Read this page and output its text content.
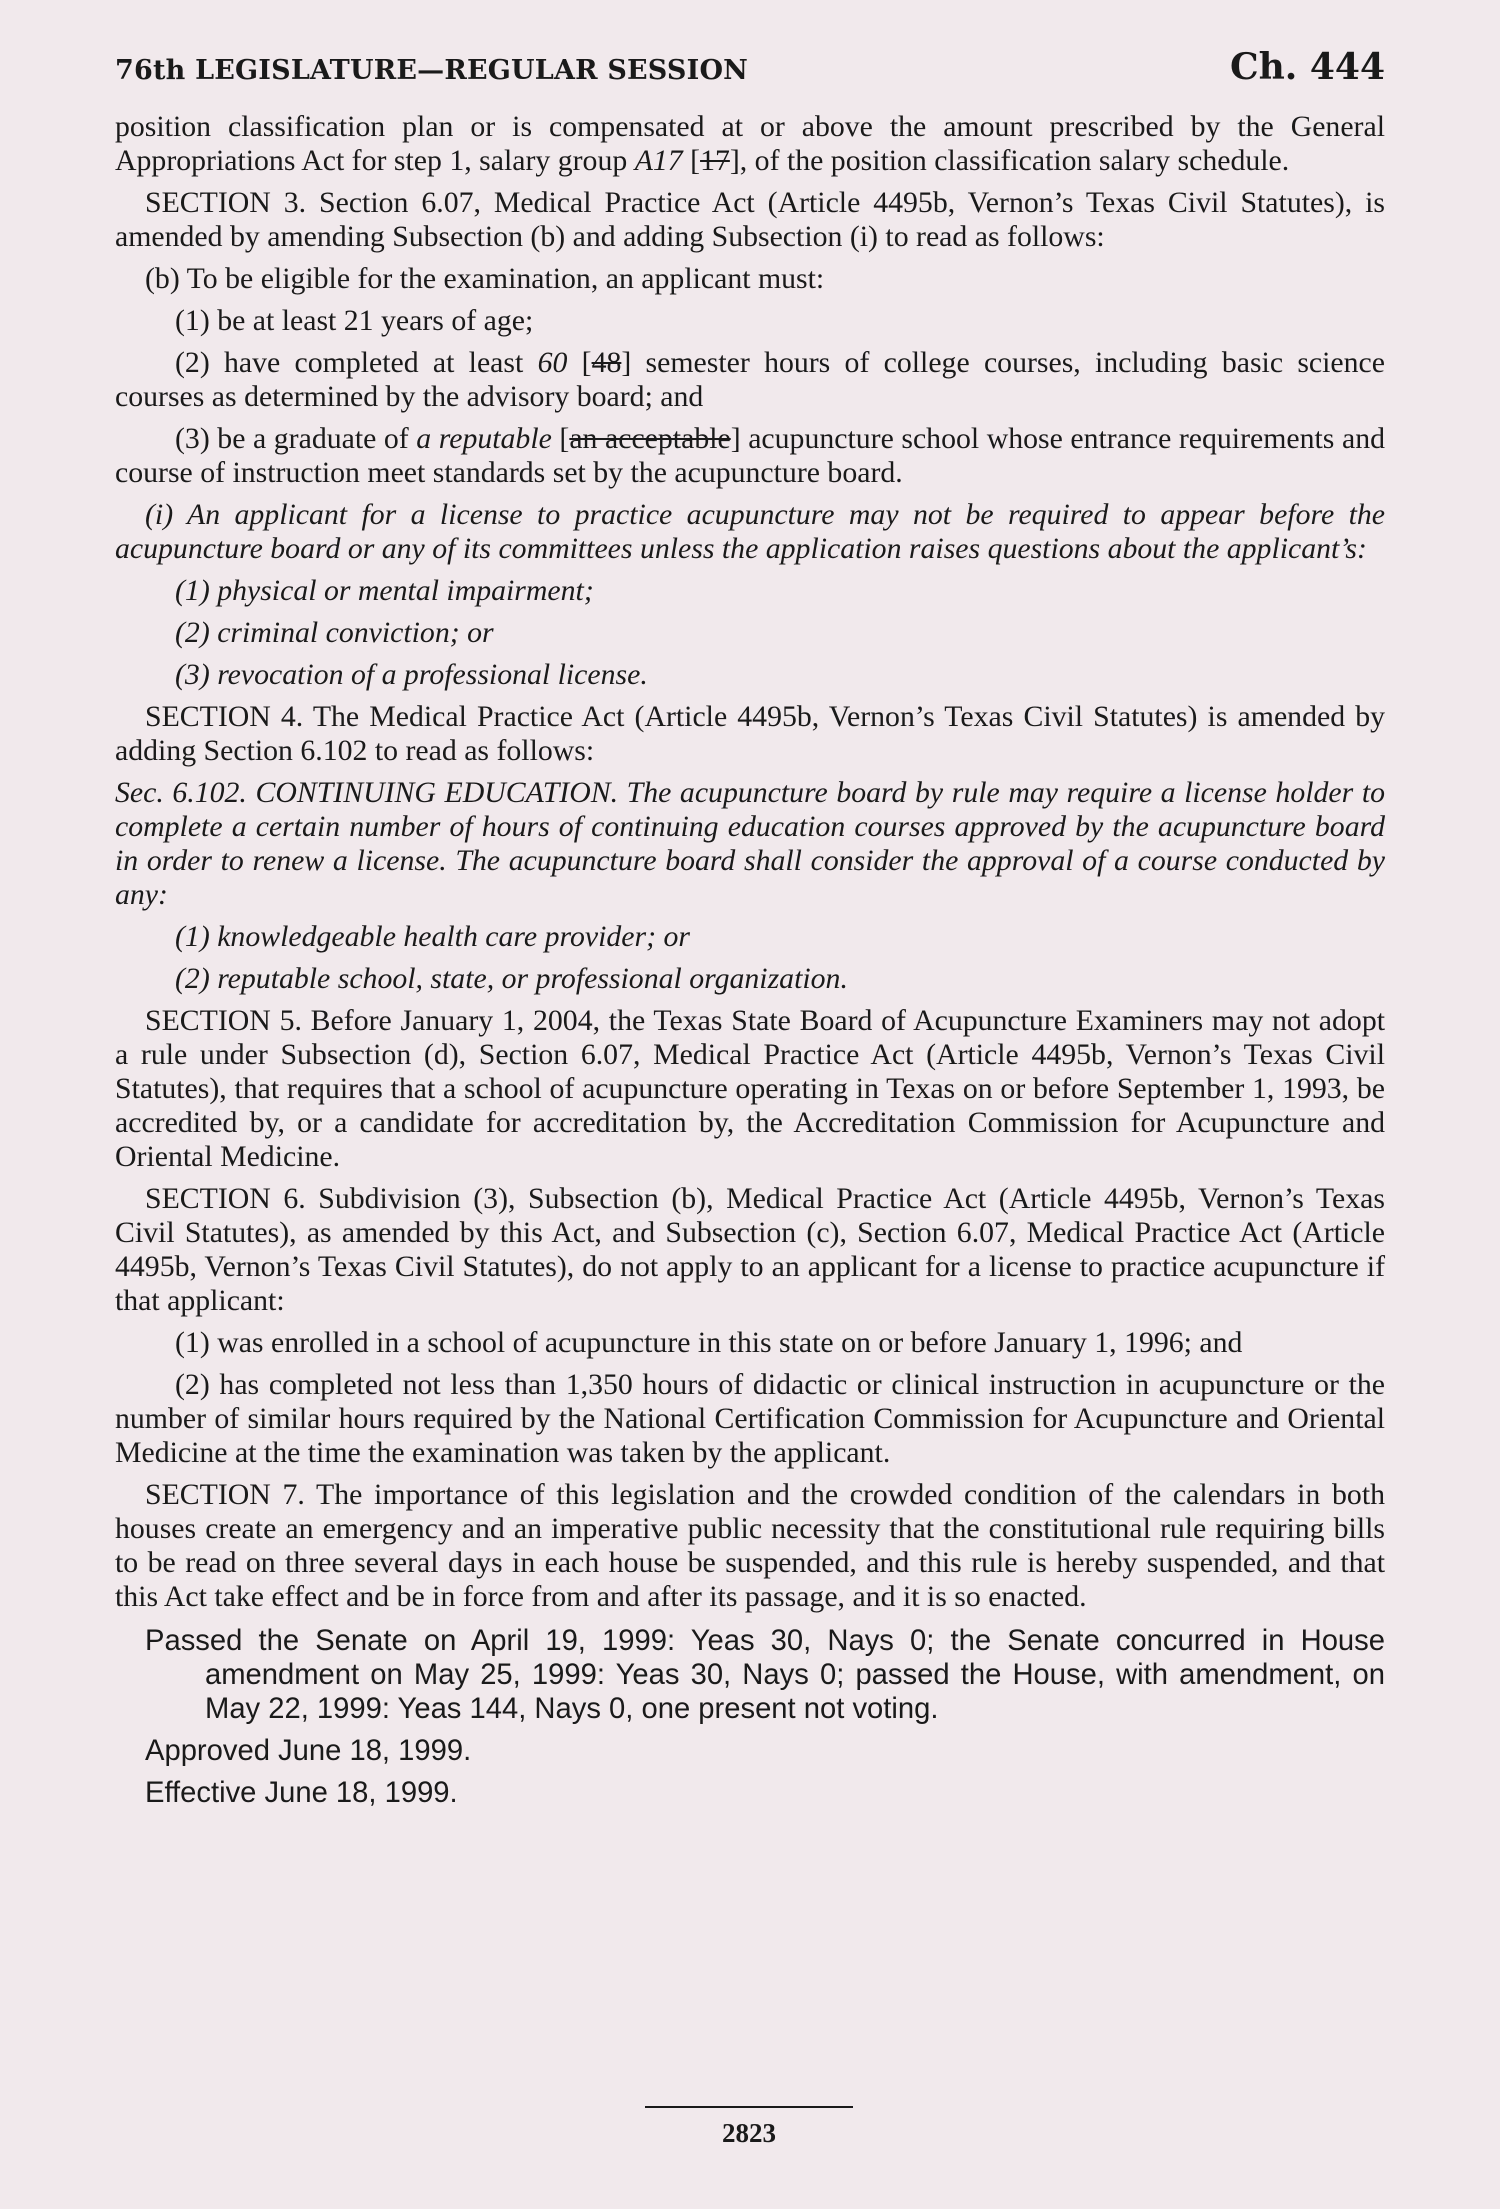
76th LEGISLATURE—REGULAR SESSION	Ch. 444

position classification plan or is compensated at or above the amount prescribed by the General Appropriations Act for step 1, salary group A17 [17], of the position classification salary schedule.

SECTION 3. Section 6.07, Medical Practice Act (Article 4495b, Vernon’s Texas Civil Statutes), is amended by amending Subsection (b) and adding Subsection (i) to read as follows:

(b) To be eligible for the examination, an applicant must:

(1) be at least 21 years of age;

(2) have completed at least 60 [48] semester hours of college courses, including basic science courses as determined by the advisory board; and

(3) be a graduate of a reputable [an acceptable] acupuncture school whose entrance requirements and course of instruction meet standards set by the acupuncture board.

(i) An applicant for a license to practice acupuncture may not be required to appear before the acupuncture board or any of its committees unless the application raises questions about the applicant’s:

(1) physical or mental impairment;

(2) criminal conviction; or

(3) revocation of a professional license.

SECTION 4. The Medical Practice Act (Article 4495b, Vernon’s Texas Civil Statutes) is amended by adding Section 6.102 to read as follows:

Sec. 6.102. CONTINUING EDUCATION. The acupuncture board by rule may require a license holder to complete a certain number of hours of continuing education courses approved by the acupuncture board in order to renew a license. The acupuncture board shall consider the approval of a course conducted by any:

(1) knowledgeable health care provider; or

(2) reputable school, state, or professional organization.

SECTION 5. Before January 1, 2004, the Texas State Board of Acupuncture Examiners may not adopt a rule under Subsection (d), Section 6.07, Medical Practice Act (Article 4495b, Vernon’s Texas Civil Statutes), that requires that a school of acupuncture operating in Texas on or before September 1, 1993, be accredited by, or a candidate for accreditation by, the Accreditation Commission for Acupuncture and Oriental Medicine.

SECTION 6. Subdivision (3), Subsection (b), Medical Practice Act (Article 4495b, Vernon’s Texas Civil Statutes), as amended by this Act, and Subsection (c), Section 6.07, Medical Practice Act (Article 4495b, Vernon’s Texas Civil Statutes), do not apply to an applicant for a license to practice acupuncture if that applicant:

(1) was enrolled in a school of acupuncture in this state on or before January 1, 1996; and

(2) has completed not less than 1,350 hours of didactic or clinical instruction in acupuncture or the number of similar hours required by the National Certification Commission for Acupuncture and Oriental Medicine at the time the examination was taken by the applicant.

SECTION 7. The importance of this legislation and the crowded condition of the calendars in both houses create an emergency and an imperative public necessity that the constitutional rule requiring bills to be read on three several days in each house be suspended, and this rule is hereby suspended, and that this Act take effect and be in force from and after its passage, and it is so enacted.

Passed the Senate on April 19, 1999: Yeas 30, Nays 0; the Senate concurred in House amendment on May 25, 1999: Yeas 30, Nays 0; passed the House, with amendment, on May 22, 1999: Yeas 144, Nays 0, one present not voting.

Approved June 18, 1999.

Effective June 18, 1999.

2823
